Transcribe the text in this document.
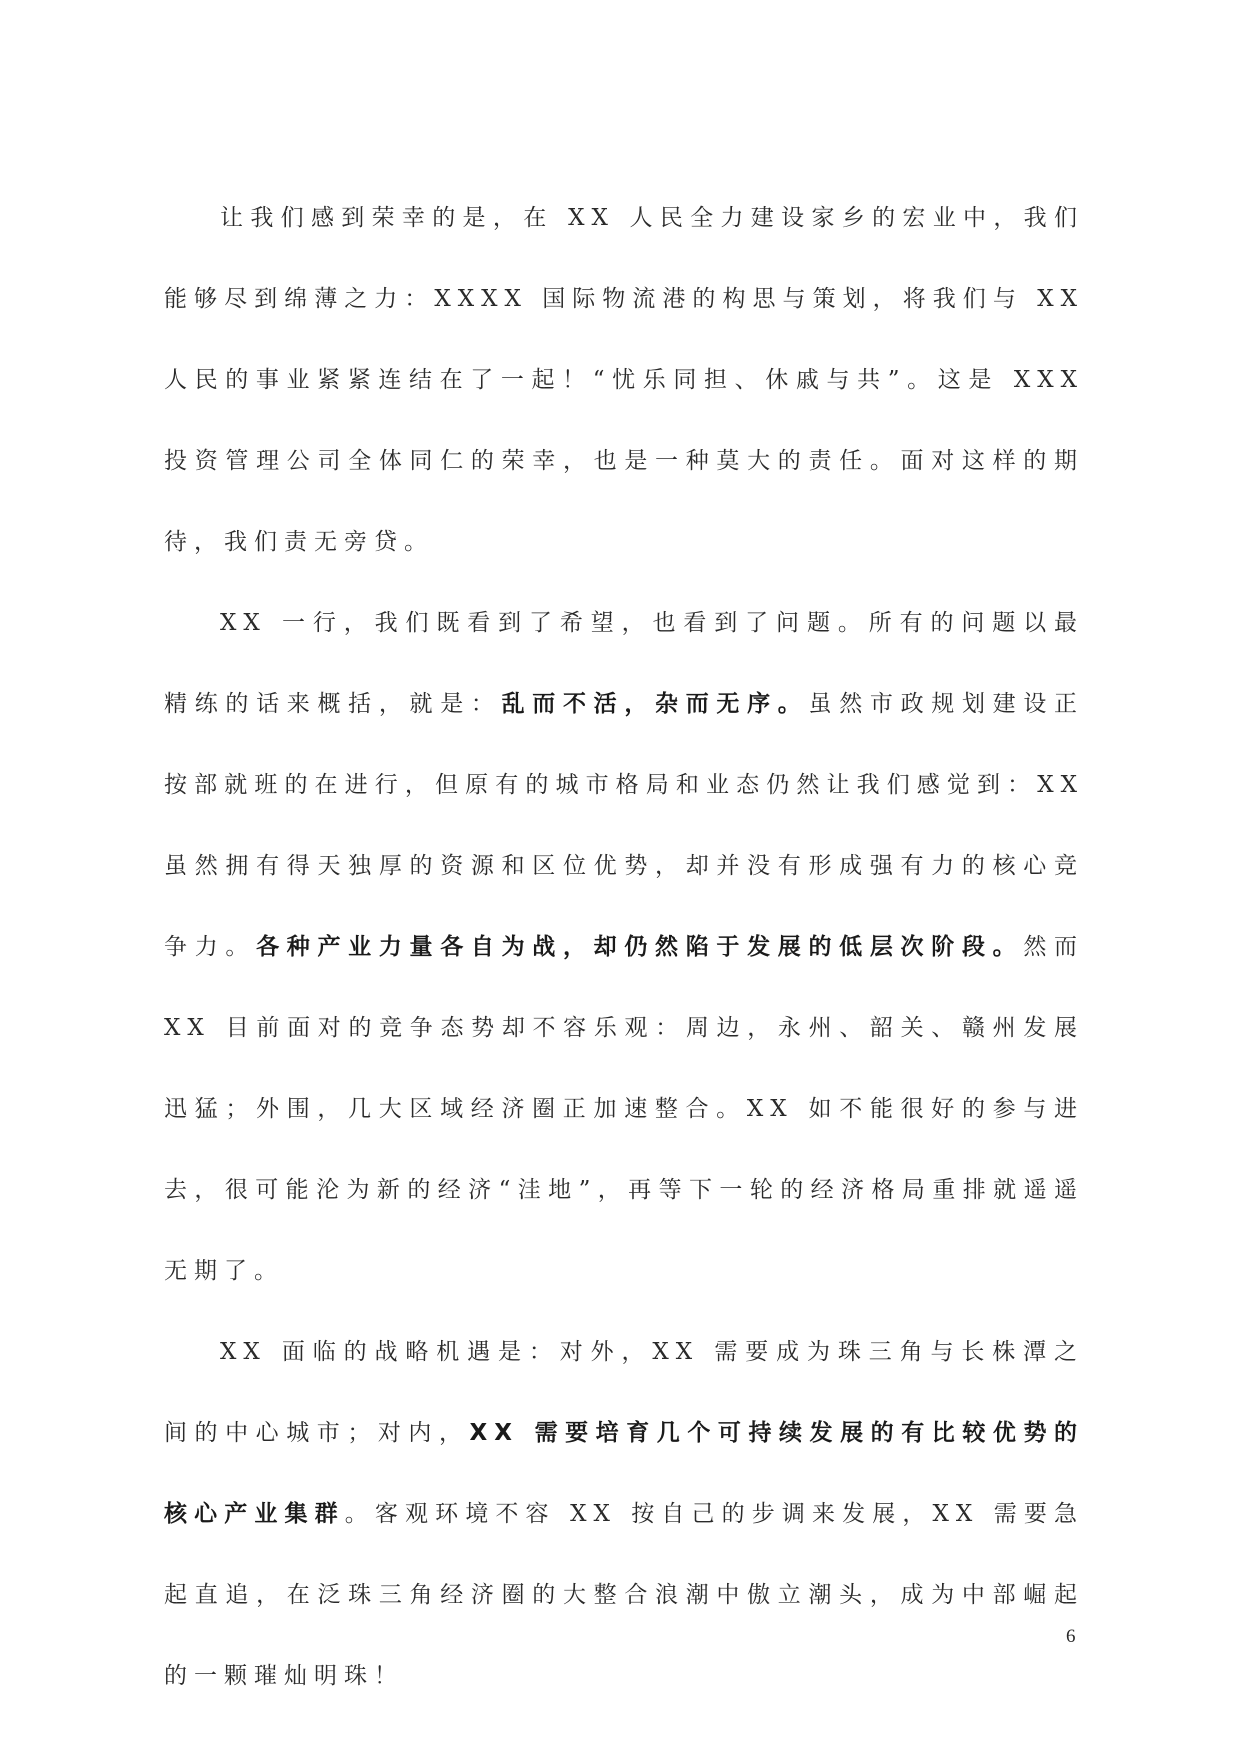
让我们感到荣幸的是，在 XX 人民全力建设家乡的宏业中，我们能够尽到绵薄之力：XXXX 国际物流港的构思与策划，将我们与 XX 人民的事业紧紧连结在了一起！“忧乐同担、休戚与共”。这是 XXX 投资管理公司全体同仁的荣幸，也是一种莫大的责任。面对这样的期待，我们责无旁贷。

XX 一行，我们既看到了希望，也看到了问题。所有的问题以最精练的话来概括，就是：乱而不活，杂而无序。虽然市政规划建设正按部就班的在进行，但原有的城市格局和业态仍然让我们感觉到：XX 虽然拥有得天独厚的资源和区位优势，却并没有形成强有力的核心竞争力。各种产业力量各自为战，却仍然陷于发展的低层次阶段。然而 XX 目前面对的竞争态势却不容乐观：周边，永州、韶关、赣州发展迅猛；外围，几大区域经济圈正加速整合。XX 如不能很好的参与进去，很可能沦为新的经济“洼地”，再等下一轮的经济格局重排就遥遥无期了。

XX 面临的战略机遇是：对外，XX 需要成为珠三角与长株潭之间的中心城市；对内，XX 需要培育几个可持续发展的有比较优势的核心产业集群。客观环境不容 XX 按自己的步调来发展，XX 需要急起直追，在泛珠三角经济圈的大整合浪潮中傲立潮头，成为中部崛起的一颗璀灿明珠！

6
